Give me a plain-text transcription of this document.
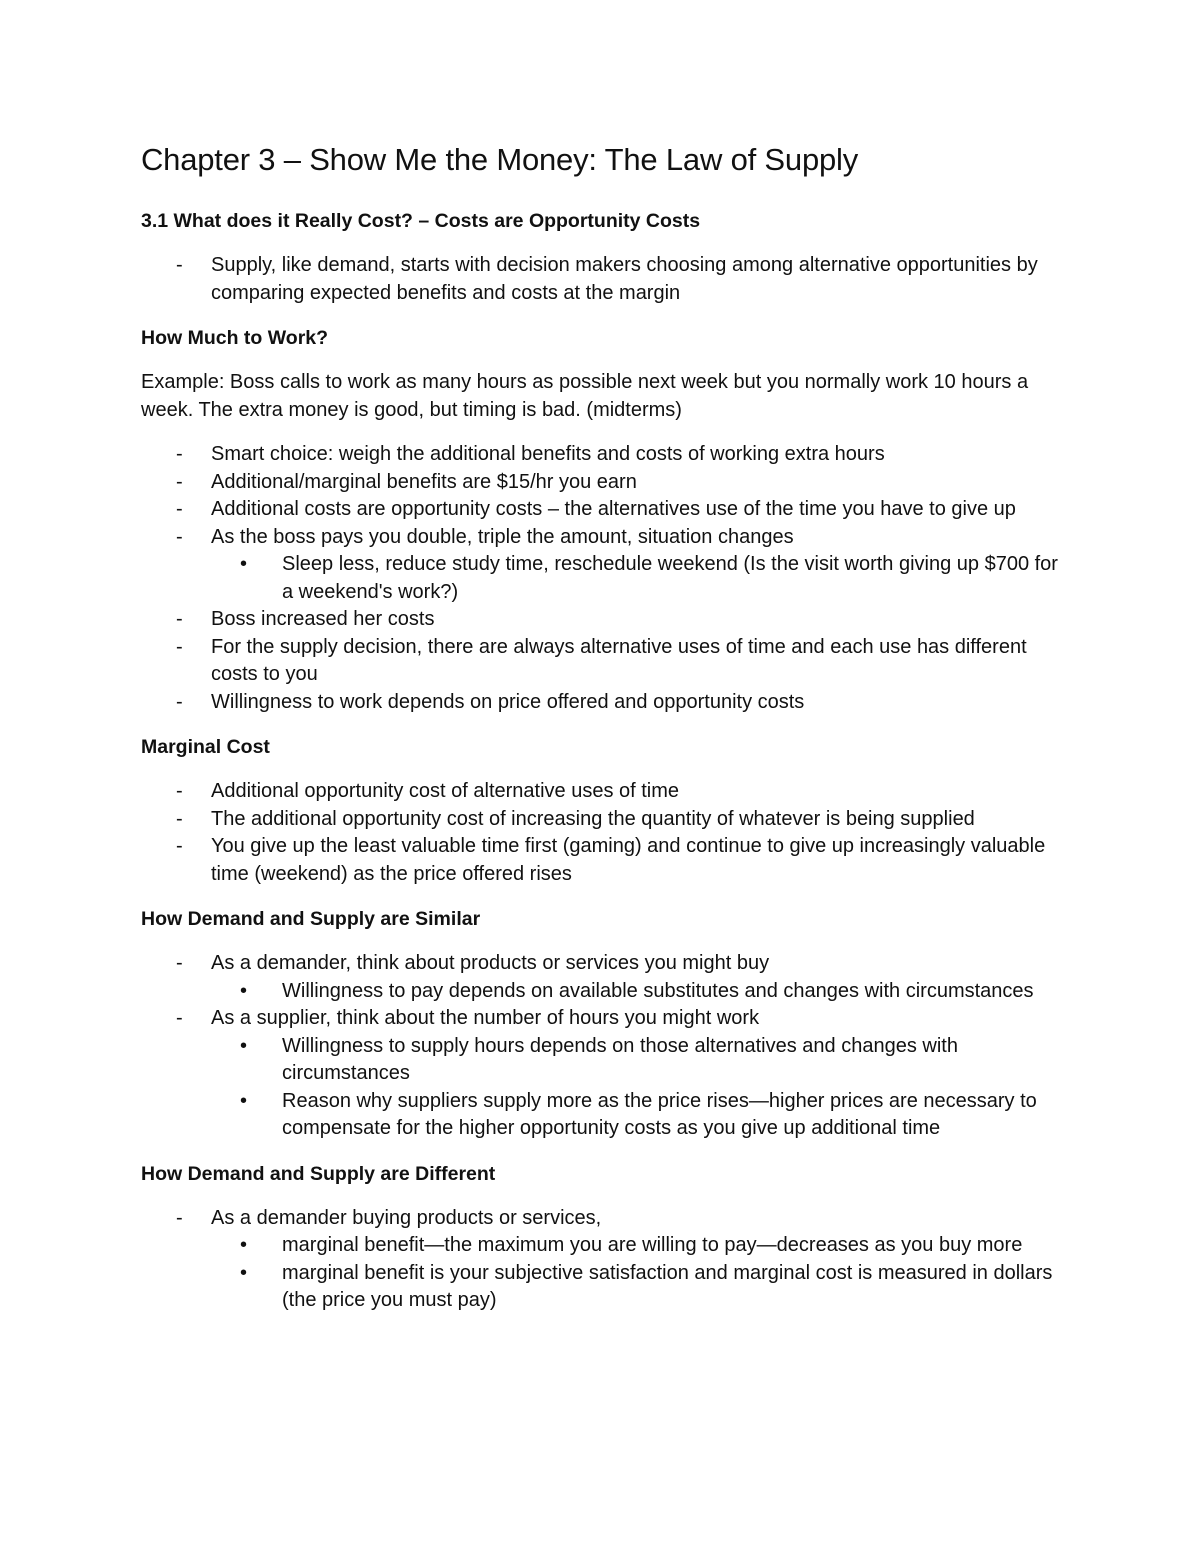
Chapter 3 – Show Me the Money: The Law of Supply
3.1 What does it Really Cost? – Costs are Opportunity Costs
- Supply, like demand, starts with decision makers choosing among alternative opportunities by comparing expected benefits and costs at the margin
How Much to Work?

Example: Boss calls to work as many hours as possible next week but you normally work 10 hours a week. The extra money is good, but timing is bad. (midterms)

- Smart choice: weigh the additional benefits and costs of working extra hours
- Additional/marginal benefits are $15/hr you earn
- Additional costs are opportunity costs – the alternatives use of the time you have to give up
- As the boss pays you double, triple the amount, situation changes
• Sleep less, reduce study time, reschedule weekend (Is the visit worth giving up $700 for a weekend's work?)
- Boss increased her costs
- For the supply decision, there are always alternative uses of time and each use has different costs to you
- Willingness to work depends on price offered and opportunity costs
Marginal Cost
- Additional opportunity cost of alternative uses of time
- The additional opportunity cost of increasing the quantity of whatever is being supplied
- You give up the least valuable time first (gaming) and continue to give up increasingly valuable time (weekend) as the price offered rises
How Demand and Supply are Similar
- As a demander, think about products or services you might buy
• Willingness to pay depends on available substitutes and changes with circumstances
- As a supplier, think about the number of hours you might work
• Willingness to supply hours depends on those alternatives and changes with circumstances
• Reason why suppliers supply more as the price rises—higher prices are necessary to compensate for the higher opportunity costs as you give up additional time
How Demand and Supply are Different
- As a demander buying products or services,
• marginal benefit—the maximum you are willing to pay—decreases as you buy more
• marginal benefit is your subjective satisfaction and marginal cost is measured in dollars (the price you must pay)
